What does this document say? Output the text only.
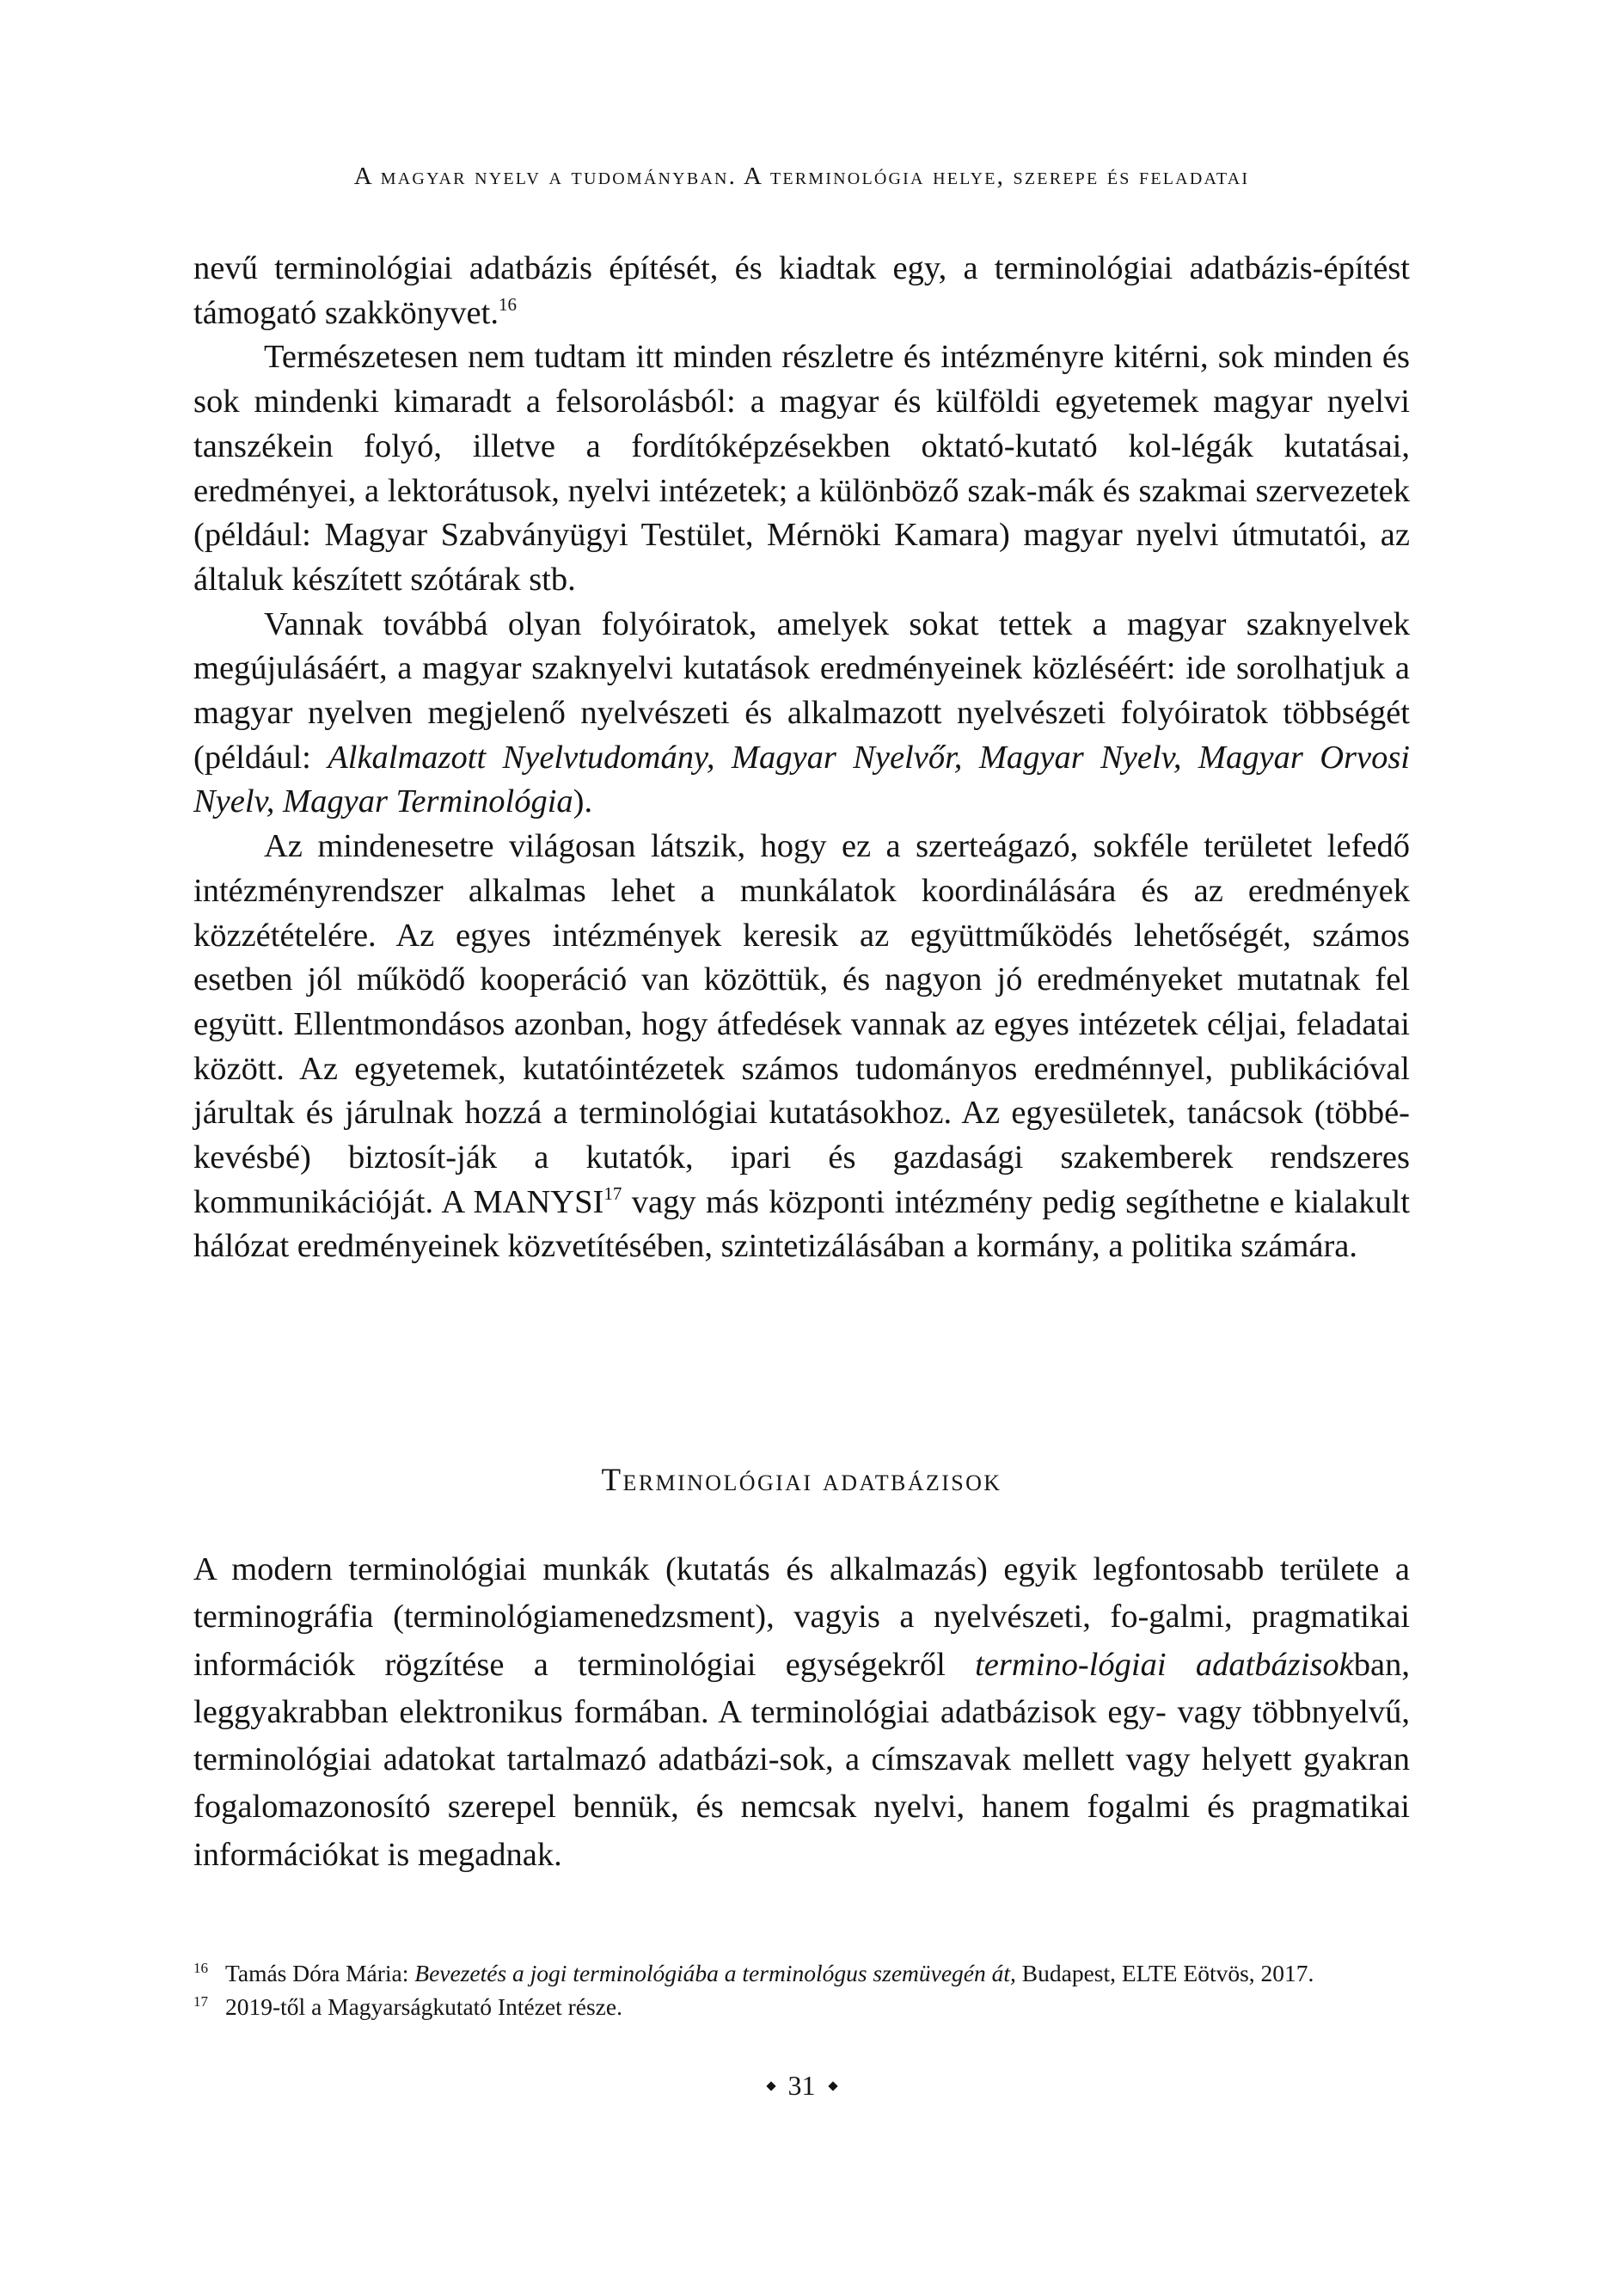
A magyar nyelv a tudományban. A terminológia helye, szerepe és feladatai

nevű terminológiai adatbázis építését, és kiadtak egy, a terminológiai adatbázis-építést támogató szakkönyvet.$^{16}$

Természetesen nem tudtam itt minden részletre és intézményre kitérni, sok minden és sok mindenki kimaradt a felsorolásból: a magyar és külföldi egyetemek magyar nyelvi tanszékein folyó, illetve a fordítóképzésekben oktató-kutató kol-légák kutatásai, eredményei, a lektorátusok, nyelvi intézetek; a különböző szak-mák és szakmai szervezetek (például: Magyar Szabványügyi Testület, Mérnöki Kamara) magyar nyelvi útmutatói, az általuk készített szótárak stb.

Vannak továbbá olyan folyóiratok, amelyek sokat tettek a magyar szaknyelvek megújulásáért, a magyar szaknyelvi kutatások eredményeinek közléséért: ide sorolhatjuk a magyar nyelven megjelenő nyelvészeti és alkalmazott nyelvészeti folyóiratok többségét (például: Alkalmazott Nyelvtudomány, Magyar Nyelvőr, Magyar Nyelv, Magyar Orvosi Nyelv, Magyar Terminológia).

Az mindenesetre világosan látszik, hogy ez a szerteágazó, sokféle területet lefedő intézményrendszer alkalmas lehet a munkálatok koordinálására és az eredmények közzétételére. Az egyes intézmények keresik az együttműködés lehetőségét, számos esetben jól működő kooperáció van közöttük, és nagyon jó eredményeket mutatnak fel együtt. Ellentmondásos azonban, hogy átfedések vannak az egyes intézetek céljai, feladatai között. Az egyetemek, kutatóintézetek számos tudományos eredménnyel, publikációval járultak és járulnak hozzá a terminológiai kutatásokhoz. Az egyesületek, tanácsok (többé-kevésbé) biztosít-ják a kutatók, ipari és gazdasági szakemberek rendszeres kommunikációját. A MANYSI$^{17}$ vagy más központi intézmény pedig segíthetne e kialakult hálózat eredményeinek közvetítésében, szintetizálásában a kormány, a politika számára.

Terminológiai adatbázisok

A modern terminológiai munkák (kutatás és alkalmazás) egyik legfontosabb területe a terminográfia (terminológiamenedzsment), vagyis a nyelvészeti, fo-galmi, pragmatikai információk rögzítése a terminológiai egységekről termino-lógiai adatbázisokban, leggyakrabban elektronikus formában. A terminológiai adatbázisok egy- vagy többnyelvű, terminológiai adatokat tartalmazó adatbázi-sok, a címszavak mellett vagy helyett gyakran fogalomazonosító szerepel bennük, és nemcsak nyelvi, hanem fogalmi és pragmatikai információkat is megadnak.

16 Tamás Dóra Mária: Bevezetés a jogi terminológiába a terminológus szemüvegén át, Budapest, ELTE Eötvös, 2017.
17 2019-től a Magyarságkutató Intézet része.
31
